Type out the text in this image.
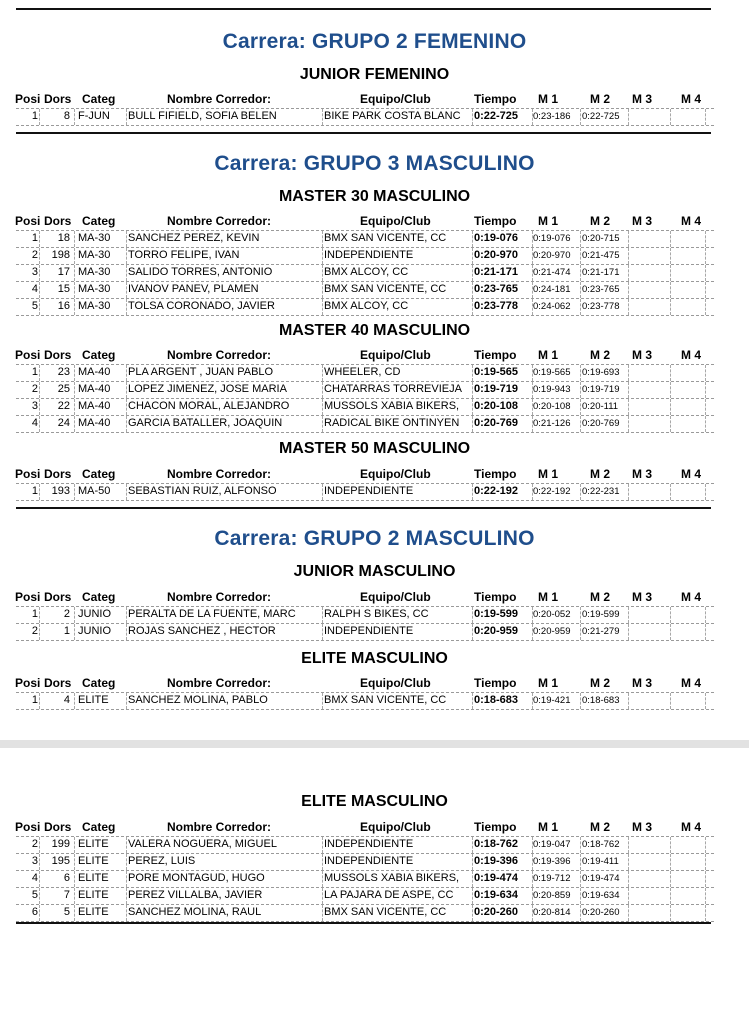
Carrera: GRUPO 2 FEMENINO
JUNIOR FEMENINO
Posi Dors Categ	Nombre Corredor:	Equipo/Club	Tiempo M 1	M 2 M 3 M 4
1	8 F-JUN	BULL FIFIELD, SOFIA BELEN	BIKE PARK COSTA BLANC	0:22-725	0:23-186	0:22-725
Carrera: GRUPO 3 MASCULINO
MASTER 30 MASCULINO
Posi Dors Categ	Nombre Corredor:	Equipo/Club	Tiempo M 1	M 2 M 3 M 4
1	18 MA-30	SANCHEZ PEREZ, KEVIN	BMX SAN VICENTE, CC	0:19-076	0:19-076	0:20-715
2	198 MA-30	TORRO FELIPE, IVAN	INDEPENDIENTE	0:20-970	0:20-970	0:21-475
3	17 MA-30	SALIDO TORRES, ANTONIO	BMX ALCOY, CC	0:21-171	0:21-474	0:21-171
4	15 MA-30	IVANOV PANEV, PLAMEN	BMX SAN VICENTE, CC	0:23-765	0:24-181	0:23-765
5	16 MA-30	TOLSA CORONADO, JAVIER	BMX ALCOY, CC	0:23-778	0:24-062	0:23-778
MASTER 40 MASCULINO
Posi Dors Categ	Nombre Corredor:	Equipo/Club	Tiempo M 1	M 2 M 3 M 4
1	23 MA-40	PLA ARGENT , JUAN PABLO	WHEELER, CD	0:19-565	0:19-565	0:19-693
2	25 MA-40	LOPEZ JIMENEZ, JOSE MARIA	CHATARRAS TORREVIEJA	0:19-719	0:19-943	0:19-719
3	22 MA-40	CHACON MORAL, ALEJANDRO	MUSSOLS XABIA BIKERS,	0:20-108	0:20-108	0:20-111
4	24 MA-40	GARCIA BATALLER, JOAQUIN	RADICAL BIKE ONTINYEN	0:20-769	0:21-126	0:20-769
MASTER 50 MASCULINO
Posi Dors Categ	Nombre Corredor:	Equipo/Club	Tiempo M 1	M 2 M 3 M 4
1	193 MA-50	SEBASTIAN RUIZ, ALFONSO	INDEPENDIENTE	0:22-192	0:22-192	0:22-231
Carrera: GRUPO 2 MASCULINO
JUNIOR MASCULINO
Posi Dors Categ	Nombre Corredor:	Equipo/Club	Tiempo M 1	M 2 M 3 M 4
1	2 JUNIO	PERALTA DE LA FUENTE, MARC	RALPH S BIKES, CC	0:19-599	0:20-052	0:19-599
2	1 JUNIO	ROJAS SANCHEZ , HECTOR	INDEPENDIENTE	0:20-959	0:20-959	0:21-279
ELITE MASCULINO
Posi Dors Categ	Nombre Corredor:	Equipo/Club	Tiempo M 1	M 2 M 3 M 4
1	4 ELITE	SANCHEZ MOLINA, PABLO	BMX SAN VICENTE, CC	0:18-683	0:19-421	0:18-683
ELITE MASCULINO
Posi Dors Categ	Nombre Corredor:	Equipo/Club	Tiempo M 1	M 2 M 3 M 4
2	199 ELITE	VALERA NOGUERA, MIGUEL	INDEPENDIENTE	0:18-762	0:19-047	0:18-762
3	195 ELITE	PEREZ, LUIS	INDEPENDIENTE	0:19-396	0:19-396	0:19-411
4	6 ELITE	PORE MONTAGUD, HUGO	MUSSOLS XABIA BIKERS,	0:19-474	0:19-712	0:19-474
5	7 ELITE	PEREZ VILLALBA, JAVIER	LA PAJARA DE ASPE, CC	0:19-634	0:20-859	0:19-634
6	5 ELITE	SANCHEZ MOLINA, RAUL	BMX SAN VICENTE, CC	0:20-260	0:20-814	0:20-260
